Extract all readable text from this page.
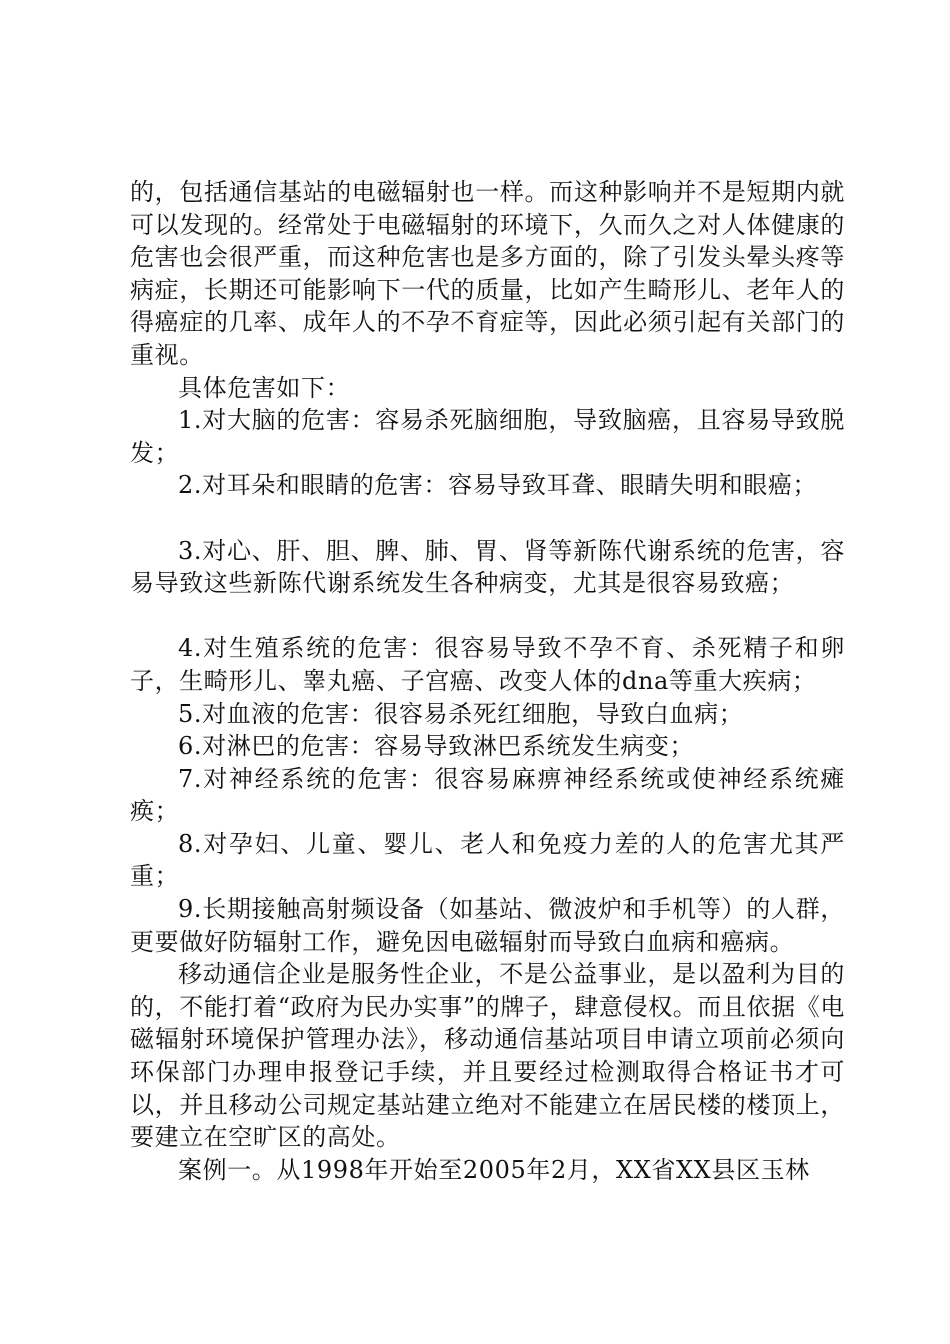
的，包括通信基站的电磁辐射也一样。而这种影响并不是短期内就可以发现的。经常处于电磁辐射的环境下，久而久之对人体健康的危害也会很严重，而这种危害也是多方面的，除了引发头晕头疼等病症，长期还可能影响下一代的质量，比如产生畸形儿、老年人的得癌症的几率、成年人的不孕不育症等，因此必须引起有关部门的重视。

具体危害如下：

1.对大脑的危害：容易杀死脑细胞，导致脑癌，且容易导致脱发；

2.对耳朵和眼睛的危害：容易导致耳聋、眼睛失明和眼癌；

3.对心、肝、胆、脾、肺、胃、肾等新陈代谢系统的危害，容易导致这些新陈代谢系统发生各种病变，尤其是很容易致癌；

4.对生殖系统的危害：很容易导致不孕不育、杀死精子和卵子，生畸形儿、睾丸癌、子宫癌、改变人体的dna等重大疾病；

5.对血液的危害：很容易杀死红细胞，导致白血病；

6.对淋巴的危害：容易导致淋巴系统发生病变；

7.对神经系统的危害：很容易麻痹神经系统或使神经系统瘫痪；

8.对孕妇、儿童、婴儿、老人和免疫力差的人的危害尤其严重；

9.长期接触高射频设备（如基站、微波炉和手机等）的人群，更要做好防辐射工作，避免因电磁辐射而导致白血病和癌病。

移动通信企业是服务性企业，不是公益事业，是以盈利为目的的，不能打着“政府为民办实事”的牌子，肆意侵权。而且依据《电磁辐射环境保护管理办法》，移动通信基站项目申请立项前必须向环保部门办理申报登记手续，并且要经过检测取得合格证书才可以，并且移动公司规定基站建立绝对不能建立在居民楼的楼顶上，要建立在空旷区的高处。

案例一。从1998年开始至2005年2月，XX省XX县区玉林
